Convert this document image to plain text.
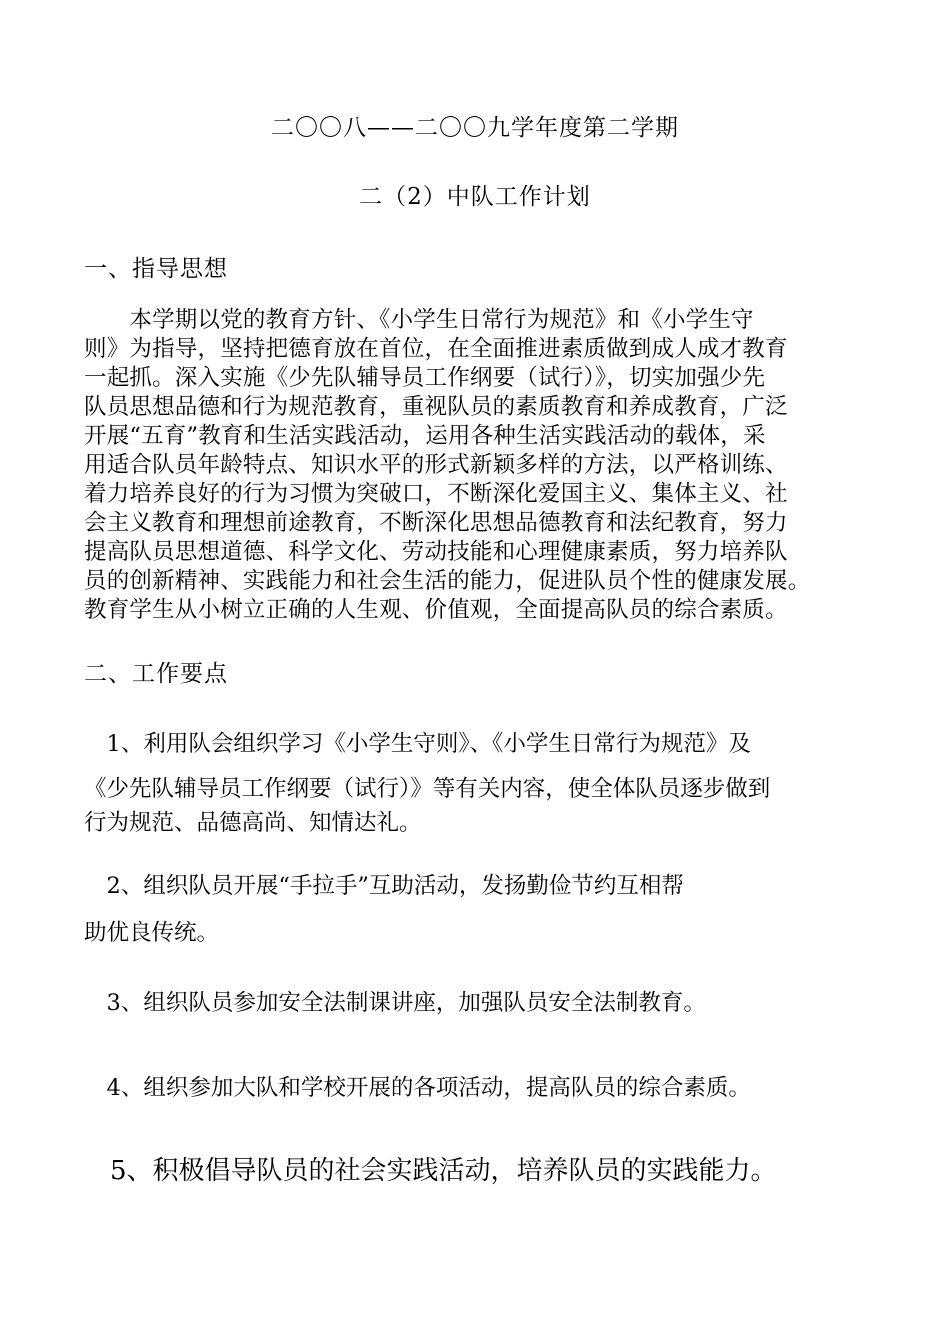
二〇〇八——二〇〇九学年度第二学期
二（2）中队工作计划
一、指导思想
　　本学期以党的教育方针、《小学生日常行为规范》和《小学生守
则》为指导，坚持把德育放在首位，在全面推进素质做到成人成才教育
一起抓。深入实施《少先队辅导员工作纲要（试行）》，切实加强少先
队员思想品德和行为规范教育，重视队员的素质教育和养成教育，广泛
开展“五育”教育和生活实践活动，运用各种生活实践活动的载体，采
用适合队员年龄特点、知识水平的形式新颖多样的方法，以严格训练、
着力培养良好的行为习惯为突破口，不断深化爱国主义、集体主义、社
会主义教育和理想前途教育，不断深化思想品德教育和法纪教育，努力
提高队员思想道德、科学文化、劳动技能和心理健康素质，努力培养队
员的创新精神、实践能力和社会生活的能力，促进队员个性的健康发展。
教育学生从小树立正确的人生观、价值观，全面提高队员的综合素质。
二、工作要点
　1、利用队会组织学习《小学生守则》、《小学生日常行为规范》及
《少先队辅导员工作纲要（试行）》等有关内容，使全体队员逐步做到
行为规范、品德高尚、知情达礼。
　2、组织队员开展“手拉手”互助活动，发扬勤俭节约互相帮
助优良传统。
　3、组织队员参加安全法制课讲座，加强队员安全法制教育。
　4、组织参加大队和学校开展的各项活动，提高队员的综合素质。
　5、积极倡导队员的社会实践活动，培养队员的实践能力。
